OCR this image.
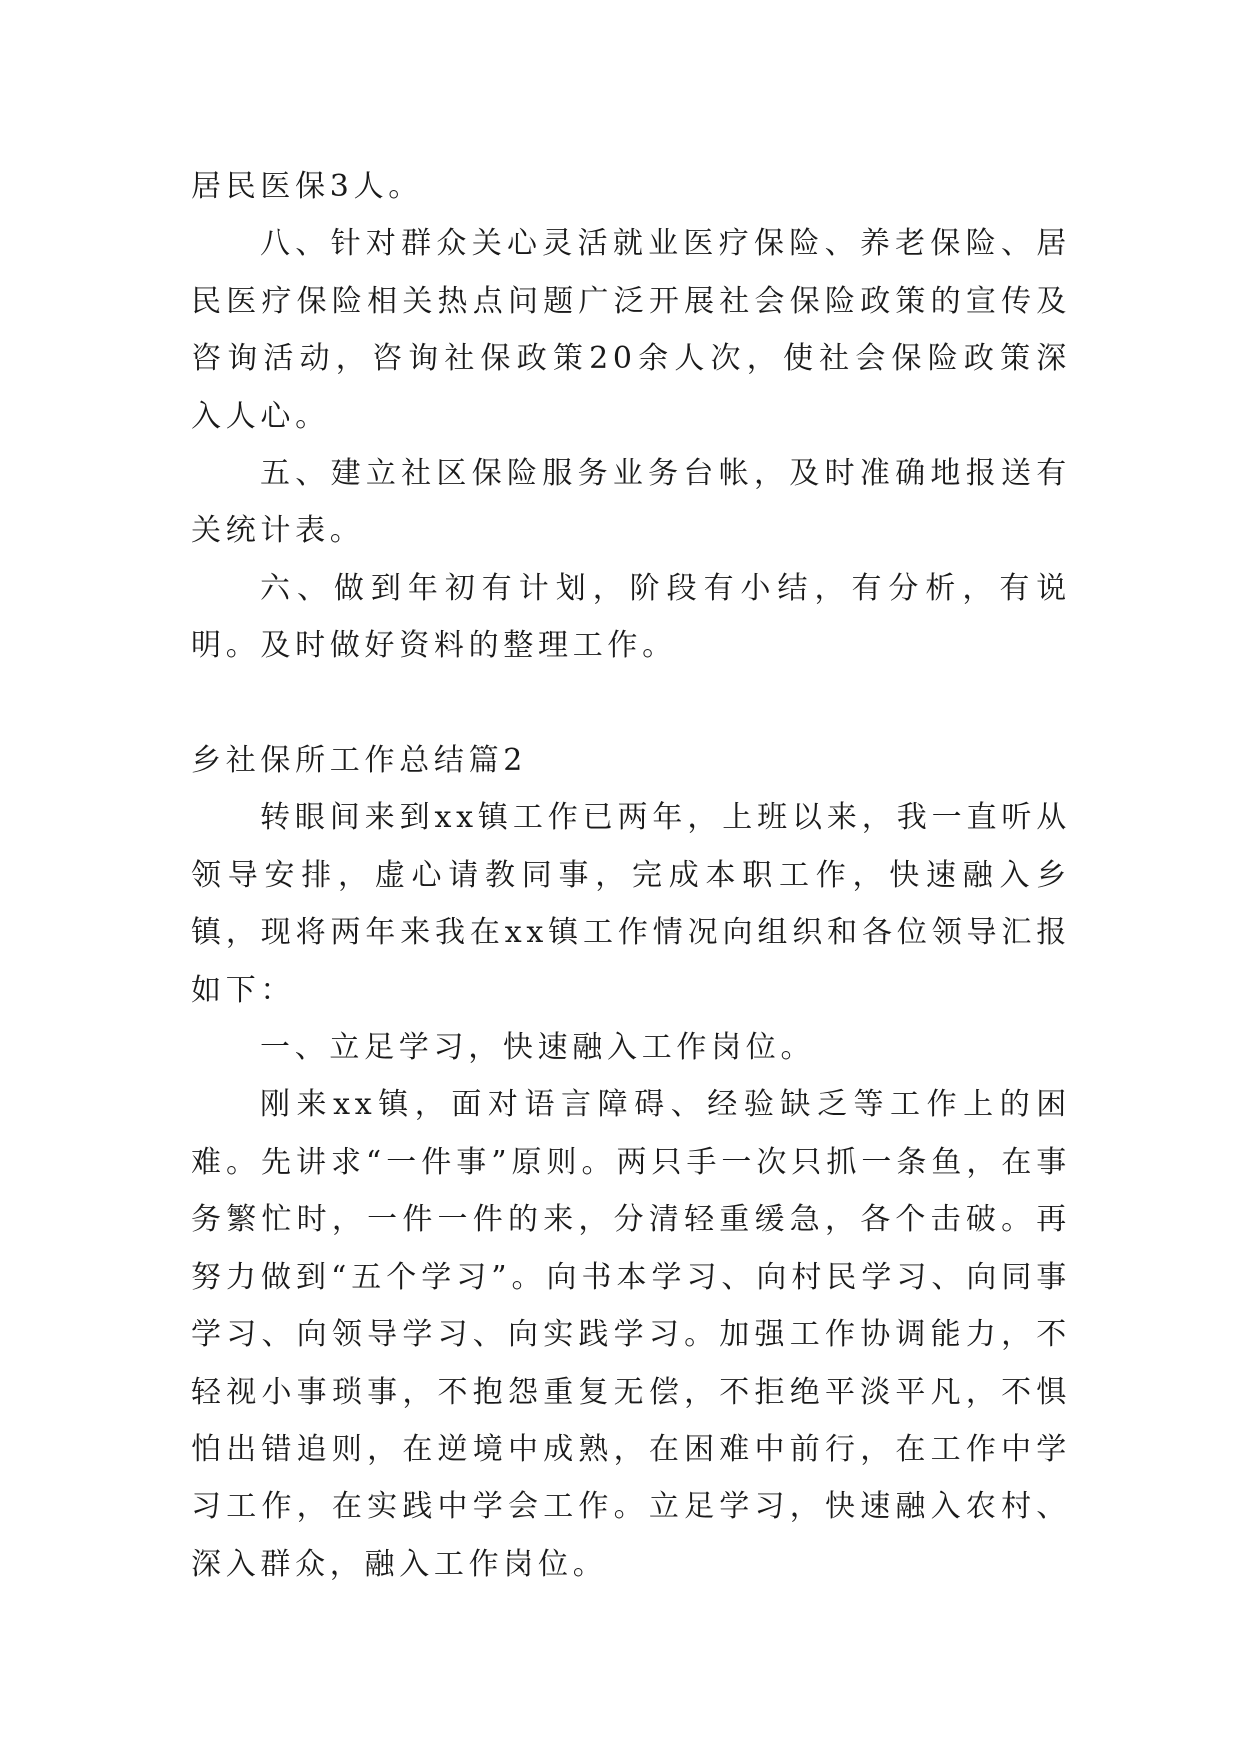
居民医保3人。

八、针对群众关心灵活就业医疗保险、养老保险、居民医疗保险相关热点问题广泛开展社会保险政策的宣传及咨询活动，咨询社保政策20余人次，使社会保险政策深入人心。

五、建立社区保险服务业务台帐，及时准确地报送有关统计表。

六、做到年初有计划，阶段有小结，有分析，有说明。及时做好资料的整理工作。

乡社保所工作总结篇2

转眼间来到xx镇工作已两年，上班以来，我一直听从领导安排，虚心请教同事，完成本职工作，快速融入乡镇，现将两年来我在xx镇工作情况向组织和各位领导汇报如下：

一、立足学习，快速融入工作岗位。

刚来xx镇，面对语言障碍、经验缺乏等工作上的困难。先讲求“一件事”原则。两只手一次只抓一条鱼，在事务繁忙时，一件一件的来，分清轻重缓急，各个击破。再努力做到“五个学习”。向书本学习、向村民学习、向同事学习、向领导学习、向实践学习。加强工作协调能力，不轻视小事琐事，不抱怨重复无偿，不拒绝平淡平凡，不惧怕出错追则，在逆境中成熟，在困难中前行，在工作中学习工作，在实践中学会工作。立足学习，快速融入农村、深入群众，融入工作岗位。
